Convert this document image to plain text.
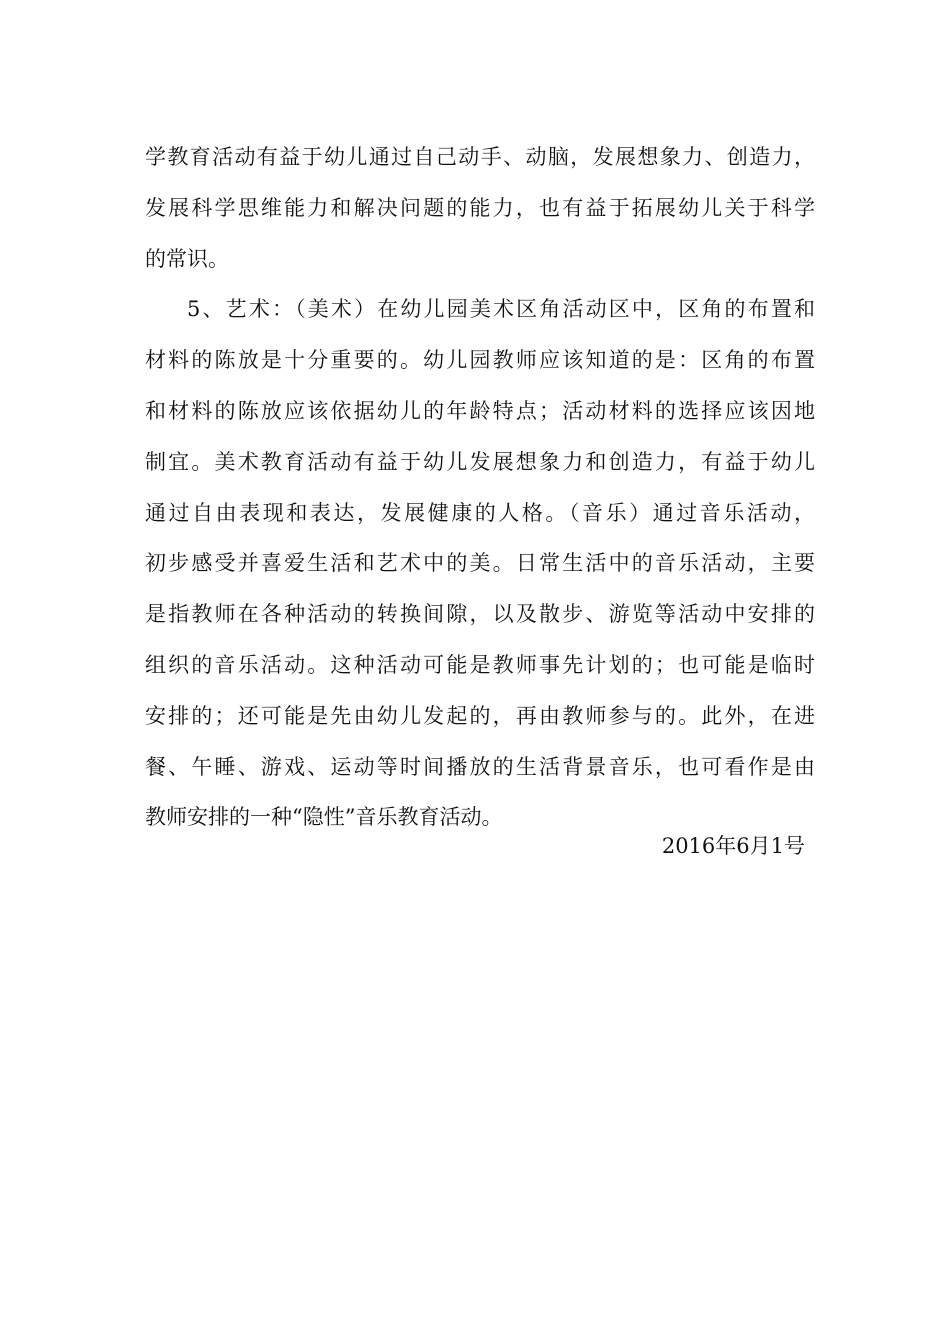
学教育活动有益于幼儿通过自己动手、动脑，发展想象力、创造力，
发展科学思维能力和解决问题的能力，也有益于拓展幼儿关于科学
的常识。
5、艺术：（美术）在幼儿园美术区角活动区中，区角的布置和
材料的陈放是十分重要的。幼儿园教师应该知道的是：区角的布置
和材料的陈放应该依据幼儿的年龄特点；活动材料的选择应该因地
制宜。美术教育活动有益于幼儿发展想象力和创造力，有益于幼儿
通过自由表现和表达，发展健康的人格。（音乐）通过音乐活动，
初步感受并喜爱生活和艺术中的美。日常生活中的音乐活动，主要
是指教师在各种活动的转换间隙，以及散步、游览等活动中安排的
组织的音乐活动。这种活动可能是教师事先计划的；也可能是临时
安排的；还可能是先由幼儿发起的，再由教师参与的。此外，在进
餐、午睡、游戏、运动等时间播放的生活背景音乐，也可看作是由
教师安排的一种“隐性”音乐教育活动。
2016年6月1号
